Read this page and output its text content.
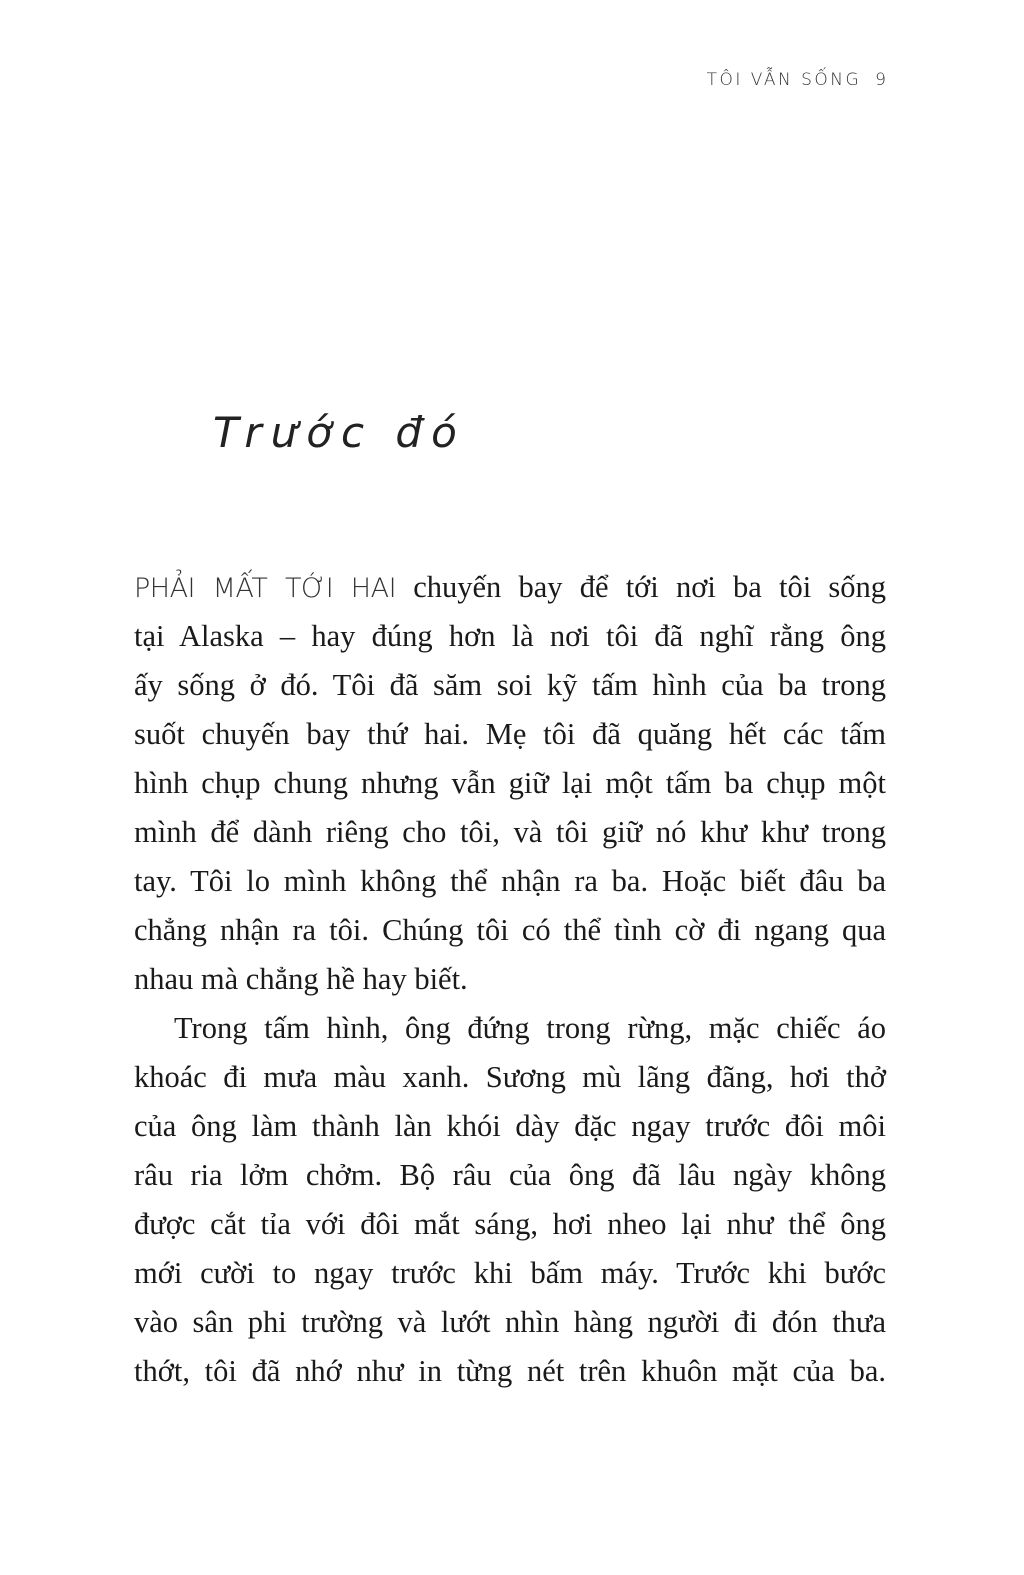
TÔI VẪN SỐNG 9
Trước đó
PHẢI MẤT TỚI HAI chuyến bay để tới nơi ba tôi sống
tại Alaska – hay đúng hơn là nơi tôi đã nghĩ rằng ông
ấy sống ở đó. Tôi đã săm soi kỹ tấm hình của ba trong
suốt chuyến bay thứ hai. Mẹ tôi đã quăng hết các tấm
hình chụp chung nhưng vẫn giữ lại một tấm ba chụp một
mình để dành riêng cho tôi, và tôi giữ nó khư khư trong
tay. Tôi lo mình không thể nhận ra ba. Hoặc biết đâu ba
chẳng nhận ra tôi. Chúng tôi có thể tình cờ đi ngang qua
nhau mà chẳng hề hay biết.
Trong tấm hình, ông đứng trong rừng, mặc chiếc áo
khoác đi mưa màu xanh. Sương mù lãng đãng, hơi thở
của ông làm thành làn khói dày đặc ngay trước đôi môi
râu ria lởm chởm. Bộ râu của ông đã lâu ngày không
được cắt tỉa với đôi mắt sáng, hơi nheo lại như thể ông
mới cười to ngay trước khi bấm máy. Trước khi bước
vào sân phi trường và lướt nhìn hàng người đi đón thưa
thớt, tôi đã nhớ như in từng nét trên khuôn mặt của ba.
